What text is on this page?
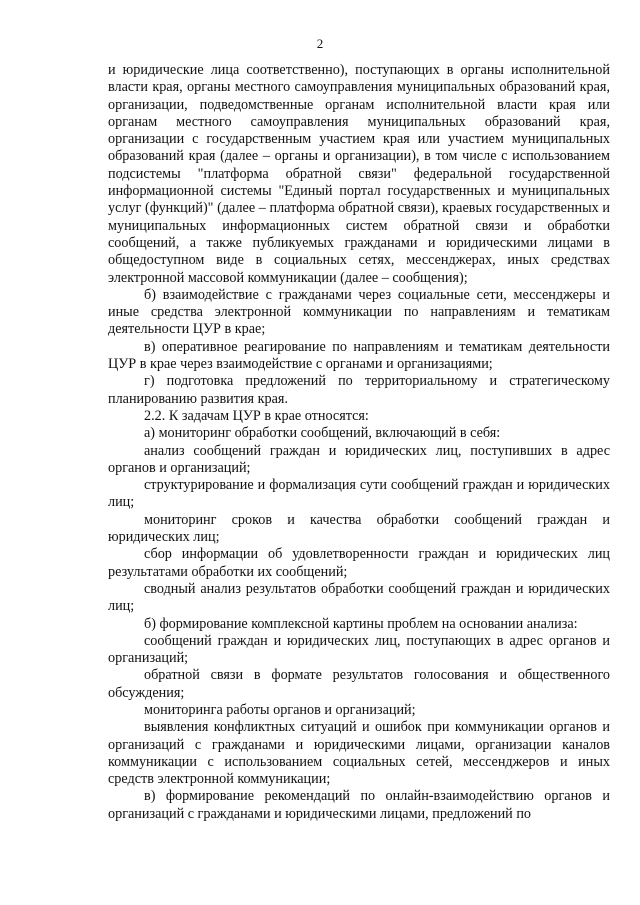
2

и юридические лица соответственно), поступающих в органы исполнительной власти края, органы местного самоуправления муниципальных образований края, организации, подведомственные органам исполнительной власти края или органам местного самоуправления муниципальных образований края, организации с государственным участием края или участием муниципальных образований края (далее – органы и организации), в том числе с использованием подсистемы "платформа обратной связи" федеральной государственной информационной системы "Единый портал государственных и муниципальных услуг (функций)" (далее – платформа обратной связи), краевых государственных и муниципальных информационных систем обратной связи и обработки сообщений, а также публикуемых гражданами и юридическими лицами в общедоступном виде в социальных сетях, мессенджерах, иных средствах электронной массовой коммуникации (далее – сообщения);

б) взаимодействие с гражданами через социальные сети, мессенджеры и иные средства электронной коммуникации по направлениям и тематикам деятельности ЦУР в крае;

в) оперативное реагирование по направлениям и тематикам деятельности ЦУР в крае через взаимодействие с органами и организациями;

г) подготовка предложений по территориальному и стратегическому планированию развития края.

2.2. К задачам ЦУР в крае относятся:

а) мониторинг обработки сообщений, включающий в себя:

анализ сообщений граждан и юридических лиц, поступивших в адрес органов и организаций;

структурирование и формализация сути сообщений граждан и юридических лиц;

мониторинг сроков и качества обработки сообщений граждан и юридических лиц;

сбор информации об удовлетворенности граждан и юридических лиц результатами обработки их сообщений;

сводный анализ результатов обработки сообщений граждан и юридических лиц;

б) формирование комплексной картины проблем на основании анализа:

сообщений граждан и юридических лиц, поступающих в адрес органов и организаций;

обратной связи в формате результатов голосования и общественного обсуждения;

мониторинга работы органов и организаций;

выявления конфликтных ситуаций и ошибок при коммуникации органов и организаций с гражданами и юридическими лицами, организации каналов коммуникации с использованием социальных сетей, мессенджеров и иных средств электронной коммуникации;

в) формирование рекомендаций по онлайн-взаимодействию органов и организаций с гражданами и юридическими лицами, предложений по
